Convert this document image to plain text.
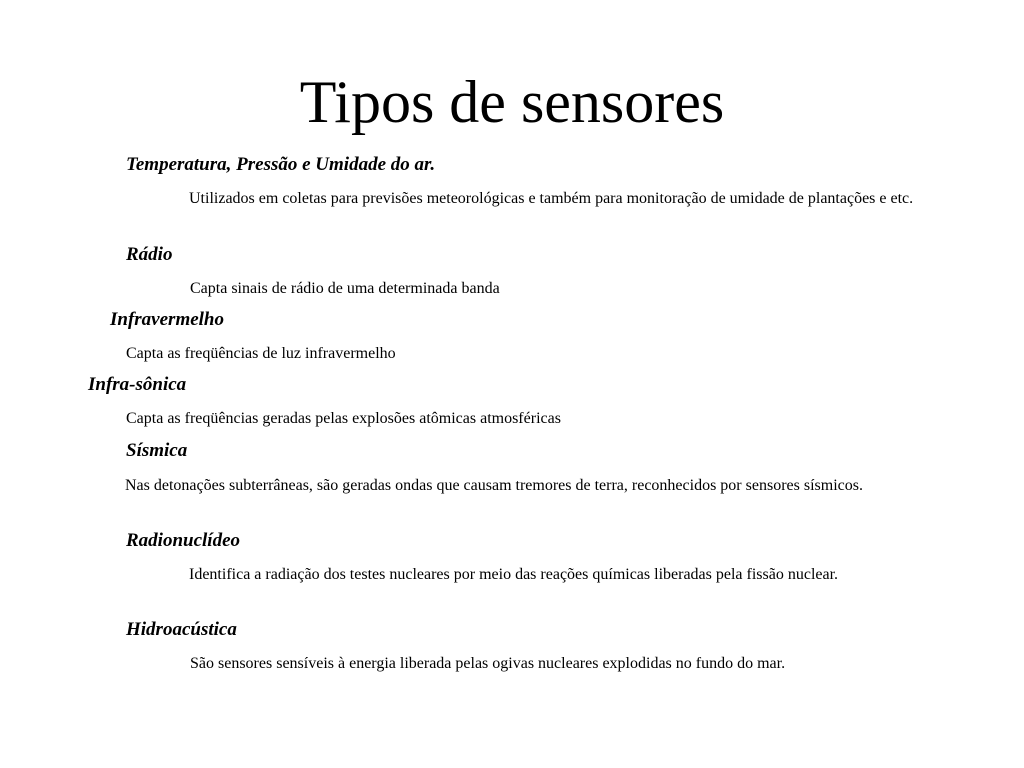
Tipos de sensores
Temperatura, Pressão e Umidade do ar.
Utilizados em coletas para previsões meteorológicas e também para monitoração de umidade de plantações e etc.
Rádio
Capta sinais de rádio de uma determinada banda
Infravermelho
Capta as freqüências de luz infravermelho
Infra-sônica
Capta as freqüências geradas pelas explosões atômicas atmosféricas
Sísmica
Nas detonações subterrâneas, são geradas ondas que causam tremores de terra, reconhecidos por sensores sísmicos.
Radionuclídeo
Identifica a radiação dos testes nucleares por meio das reações químicas liberadas pela fissão nuclear.
Hidroacústica
São sensores sensíveis à energia liberada pelas ogivas nucleares explodidas no fundo do mar.
